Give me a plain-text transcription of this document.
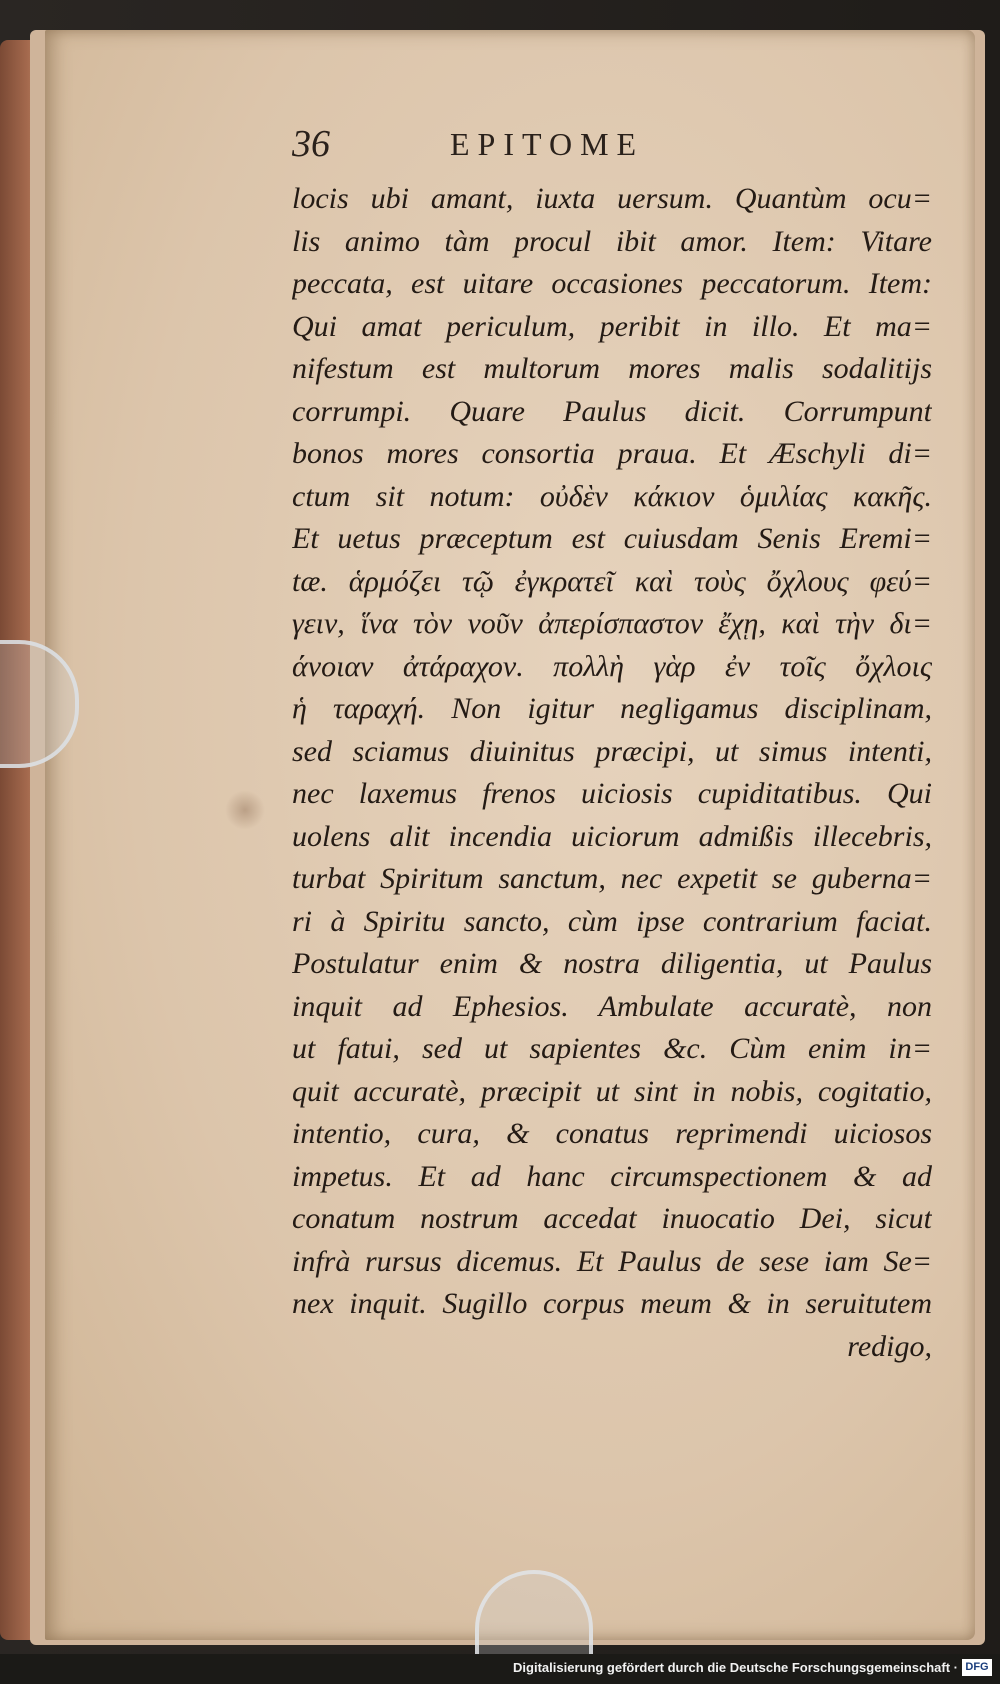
36	EPITOME
locis ubi amant, iuxta uersum. Quantùm ocu=
lis animo tàm procul ibit amor. Item: Vitare
peccata, est uitare occasiones peccatorum. Item:
Qui amat periculum, peribit in illo. Et ma=
nifestum est multorum mores malis sodalitijs
corrumpi. Quare Paulus dicit. Corrumpunt
bonos mores consortia praua. Et Æschyli di=
ctum sit notum: οὐδὲν κάκιον ὁμιλίας κακῆς.
Et uetus præceptum est cuiusdam Senis Eremi=
tæ. ἁρμόζει τῷ ἐγκρατεῖ καὶ τοὺς ὄχλους φεύ=
γειν, ἵνα τὸν νοῦν ἀπερίσπαστον ἔχῃ, καὶ τὴν δι=
άνοιαν ἀτάραχον. πολλὴ γὰρ ἐν τοῖς ὄχλοις
ἡ ταραχή. Non igitur negligamus disciplinam,
sed sciamus diuinitus præcipi, ut simus intenti,
nec laxemus frenos uiciosis cupiditatibus. Qui
uolens alit incendia uiciorum admißis illecebris,
turbat Spiritum sanctum, nec expetit se guberna=
ri à Spiritu sancto, cùm ipse contrarium faciat.
Postulatur enim & nostra diligentia, ut Paulus
inquit ad Ephesios. Ambulate accuratè, non
ut fatui, sed ut sapientes &c. Cùm enim in=
quit accuratè, præcipit ut sint in nobis, cogitatio,
intentio, cura, & conatus reprimendi uiciosos
impetus. Et ad hanc circumspectionem & ad
conatum nostrum accedat inuocatio Dei, sicut
infrà rursus dicemus. Et Paulus de sese iam Se=
nex inquit. Sugillo corpus meum & in seruitutem
redigo,
Digitalisierung gefördert durch die Deutsche Forschungsgemeinschaft · DFG
